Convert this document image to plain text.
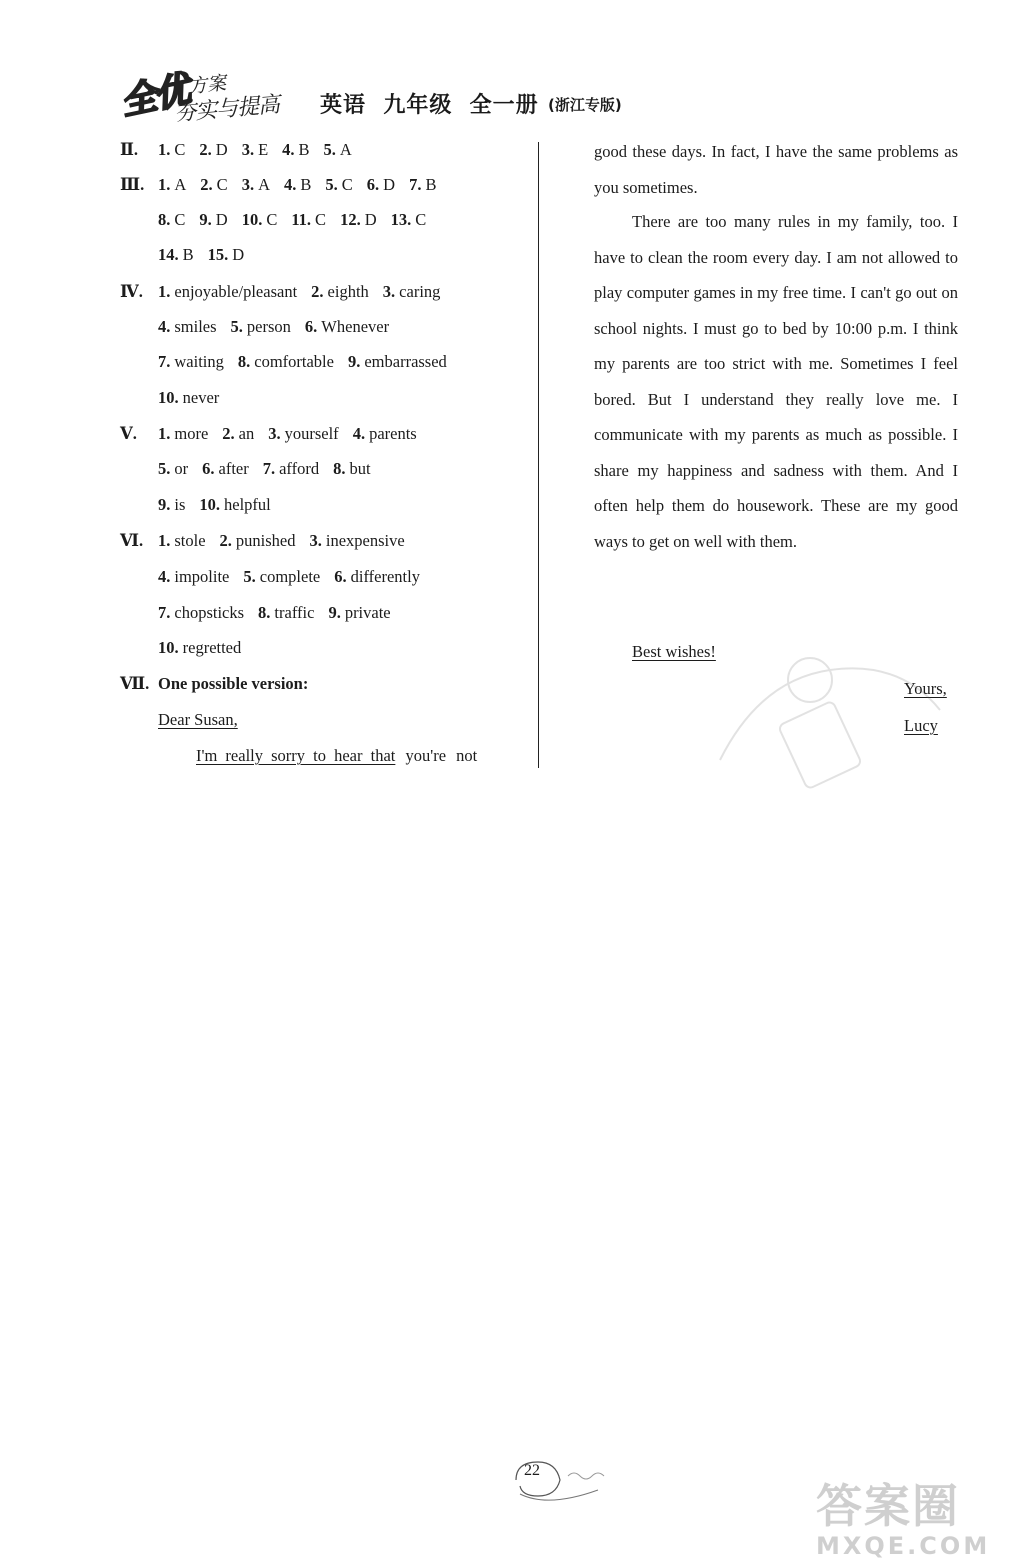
全优
方案
夯实与提高 英语  九年级  全一册 (浙江专版)
Ⅱ. 1. C 2. D 3. E 4. B 5. A
Ⅲ. 1. A 2. C 3. A 4. B 5. C 6. D 7. B
8. C 9. D 10. C 11. C 12. D 13. C
14. B 15. D
Ⅳ. 1. enjoyable/pleasant 2. eighth 3. caring
4. smiles 5. person 6. Whenever
7. waiting 8. comfortable 9. embarrassed
10. never
Ⅴ. 1. more 2. an 3. yourself 4. parents
5. or 6. after 7. afford 8. but
9. is 10. helpful
Ⅵ. 1. stole 2. punished 3. inexpensive
4. impolite 5. complete 6. differently
7. chopsticks 8. traffic 9. private
10. regretted
Ⅶ. One possible version:
Dear Susan,
I'm really sorry to hear that you're not
good these days. In fact, I have the same problems as you sometimes.
There are too many rules in my family, too. I have to clean the room every day. I am not allowed to play computer games in my free time. I can't go out on school nights. I must go to bed by 10:00 p.m. I think my parents are too strict with me. Sometimes I feel bored. But I understand they really love me. I communicate with my parents as much as possible. I share my happiness and sadness with them. And I often help them do housework. These are my good ways to get on well with them.
Best wishes!
Yours,
Lucy
22
答案圈
MXQE.COM
